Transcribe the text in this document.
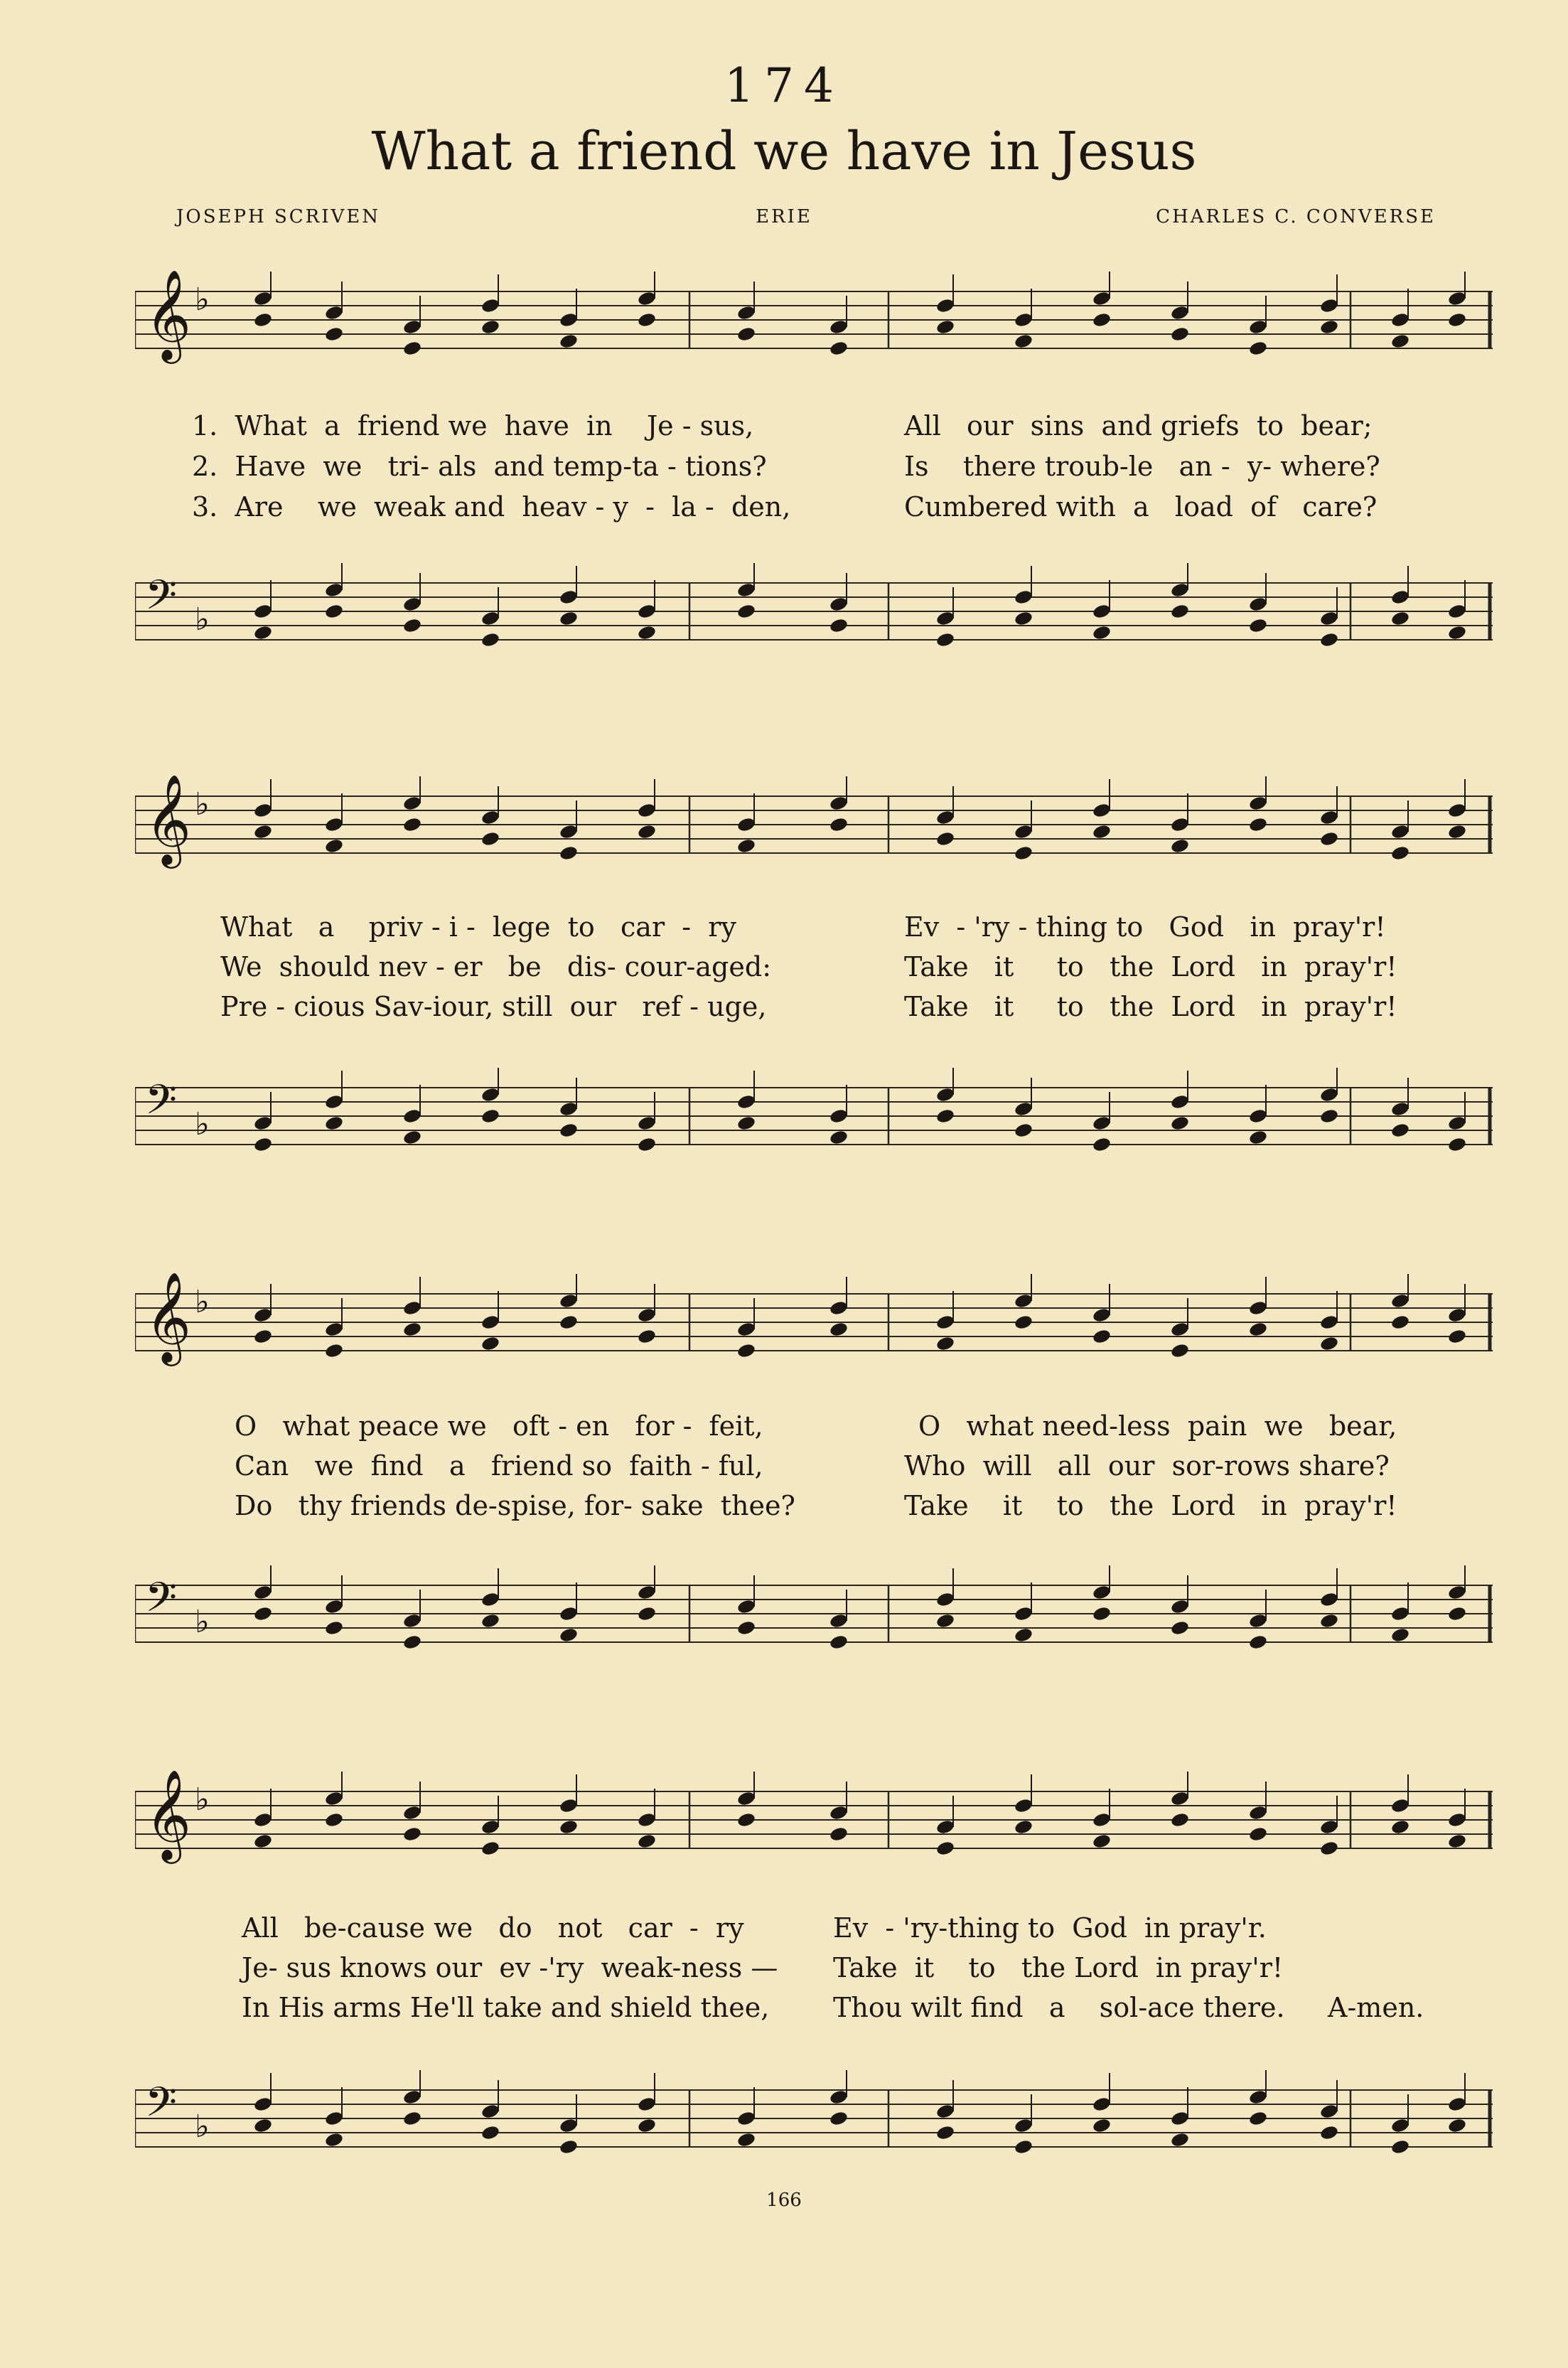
174
What a friend we have in Jesus
JOSEPH SCRIVEN	ERIE	CHARLES C. CONVERSE
𝄞 ♭
1.  What  a  friend we  have  in    Je - sus,	All   our  sins  and griefs  to  bear;
2.  Have  we   tri- als  and temp-ta - tions?	Is    there troub-le   an -  y- where?
3.  Are    we  weak and  heav - y  -  la -  den,	Cumbered with  a   load  of   care?
𝄢 ♭
𝄞 ♭
What   a    priv - i -  lege  to   car  -  ry	Ev  - 'ry - thing to   God   in  pray'r!
We  should nev - er   be   dis- cour-aged:	Take   it     to   the  Lord   in  pray'r!
Pre - cious Sav-iour, still  our   ref - uge,	Take   it     to   the  Lord   in  pray'r!
𝄢 ♭
𝄞 ♭
O   what peace we   oft - en   for -  feit,	O   what need-less  pain  we   bear,
Can   we  find   a   friend so  faith - ful,	Who  will   all  our  sor-rows share?
Do   thy friends de-spise, for- sake  thee?	Take    it    to   the  Lord   in  pray'r!
𝄢 ♭
𝄞 ♭
All   be-cause we   do   not   car  -  ry	Ev  - 'ry-thing to  God  in pray'r.
Je- sus knows our  ev -'ry  weak-ness — Take  it    to   the Lord  in pray'r!
In His arms He'll take and shield thee, Thou wilt find   a    sol-ace there.     A-men.
𝄢 ♭
166
